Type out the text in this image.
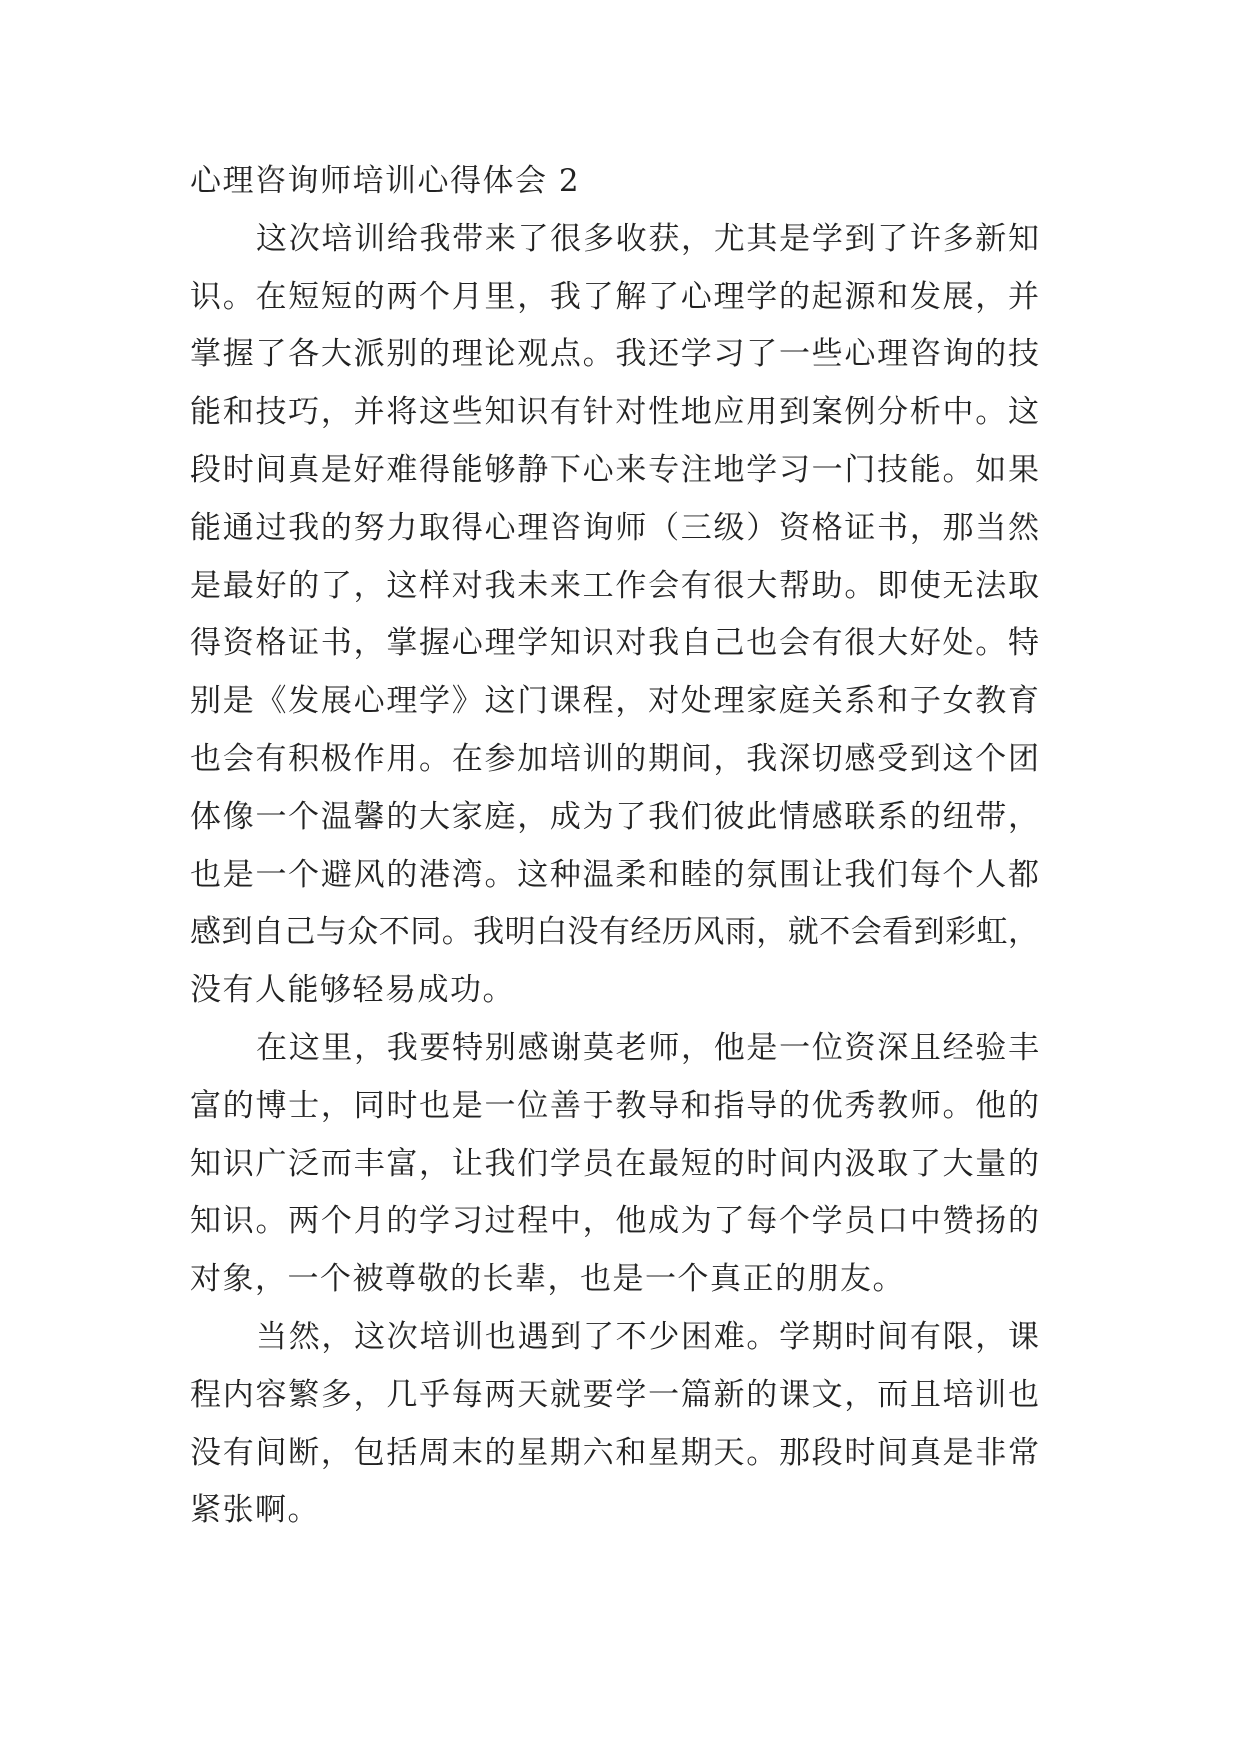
心理咨询师培训心得体会 2
这次培训给我带来了很多收获，尤其是学到了许多新知
识。在短短的两个月里，我了解了心理学的起源和发展，并
掌握了各大派别的理论观点。我还学习了一些心理咨询的技
能和技巧，并将这些知识有针对性地应用到案例分析中。这
段时间真是好难得能够静下心来专注地学习一门技能。如果
能通过我的努力取得心理咨询师（三级）资格证书，那当然
是最好的了，这样对我未来工作会有很大帮助。即使无法取
得资格证书，掌握心理学知识对我自己也会有很大好处。特
别是《发展心理学》这门课程，对处理家庭关系和子女教育
也会有积极作用。在参加培训的期间，我深切感受到这个团
体像一个温馨的大家庭，成为了我们彼此情感联系的纽带，
也是一个避风的港湾。这种温柔和睦的氛围让我们每个人都
感到自己与众不同。我明白没有经历风雨，就不会看到彩虹，
没有人能够轻易成功。
在这里，我要特别感谢莫老师，他是一位资深且经验丰
富的博士，同时也是一位善于教导和指导的优秀教师。他的
知识广泛而丰富，让我们学员在最短的时间内汲取了大量的
知识。两个月的学习过程中，他成为了每个学员口中赞扬的
对象，一个被尊敬的长辈，也是一个真正的朋友。
当然，这次培训也遇到了不少困难。学期时间有限，课
程内容繁多，几乎每两天就要学一篇新的课文，而且培训也
没有间断，包括周末的星期六和星期天。那段时间真是非常
紧张啊。
